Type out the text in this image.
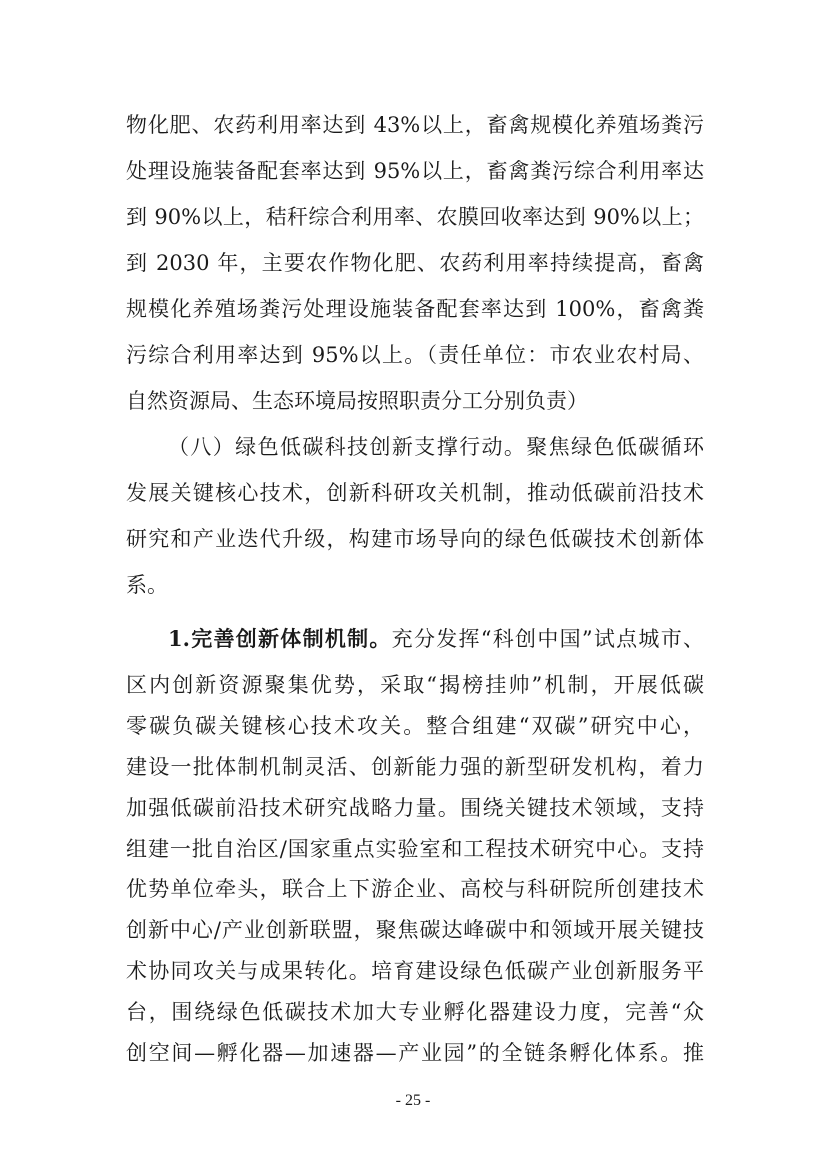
物化肥、农药利用率达到 43%以上，畜禽规模化养殖场粪污
处理设施装备配套率达到 95%以上，畜禽粪污综合利用率达
到 90%以上，秸秆综合利用率、农膜回收率达到 90%以上；
到 2030 年，主要农作物化肥、农药利用率持续提高，畜禽
规模化养殖场粪污处理设施装备配套率达到 100%，畜禽粪
污综合利用率达到 95%以上。（责任单位：市农业农村局、
自然资源局、生态环境局按照职责分工分别负责）
（八）绿色低碳科技创新支撑行动。聚焦绿色低碳循环
发展关键核心技术，创新科研攻关机制，推动低碳前沿技术
研究和产业迭代升级，构建市场导向的绿色低碳技术创新体
系。
1.完善创新体制机制。充分发挥“科创中国”试点城市、
区内创新资源聚集优势，采取“揭榜挂帅”机制，开展低碳
零碳负碳关键核心技术攻关。整合组建“双碳”研究中心，
建设一批体制机制灵活、创新能力强的新型研发机构，着力
加强低碳前沿技术研究战略力量。围绕关键技术领域，支持
组建一批自治区/国家重点实验室和工程技术研究中心。支持
优势单位牵头，联合上下游企业、高校与科研院所创建技术
创新中心/产业创新联盟，聚焦碳达峰碳中和领域开展关键技
术协同攻关与成果转化。培育建设绿色低碳产业创新服务平
台，围绕绿色低碳技术加大专业孵化器建设力度，完善“众
- 25 -
创空间—孵化器—加速器—产业园”的全链条孵化体系。推
